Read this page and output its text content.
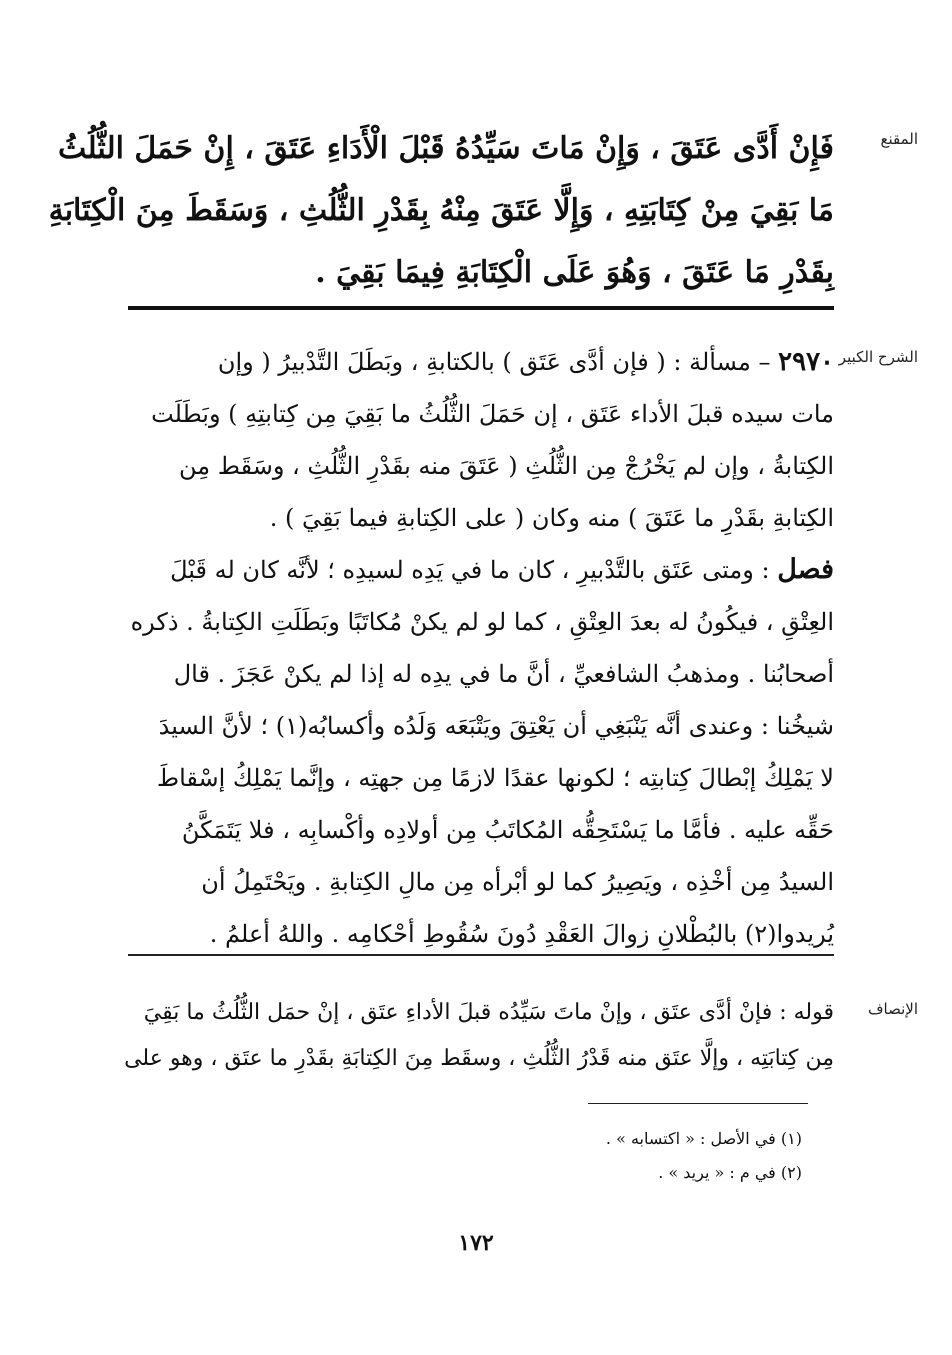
المقنع
فَإِنْ أَدَّى عَتَقَ ، وَإِنْ مَاتَ سَيِّدُهُ قَبْلَ الْأَدَاءِ عَتَقَ ، إِنْ حَمَلَ الثُّلُثُ
مَا بَقِيَ مِنْ كِتَابَتِهِ ، وَإِلَّا عَتَقَ مِنْهُ بِقَدْرِ الثُّلُثِ ، وَسَقَطَ مِنَ الْكِتَابَةِ
بِقَدْرِ مَا عَتَقَ ، وَهُوَ عَلَى الْكِتَابَةِ فِيمَا بَقِيَ .
الشرح الكبير
٢٩٧٠ – مسألة : ( فإن أدَّى عَتَق ) بالكتابةِ ، وبَطَلَ التَّدْبيرُ ( وإن
مات سيده قبلَ الأداء عَتَق ، إن حَمَلَ الثُّلُثُ ما بَقِيَ مِن كِتابتِهِ ) وبَطَلَت
الكِتابةُ ، وإن لم يَخْرُجْ مِن الثُّلُثِ ( عَتَقَ منه بقَدْرِ الثُّلُثِ ، وسَقَط مِن
الكِتابةِ بقَدْرِ ما عَتَقَ ) منه وكان ( على الكِتابةِ فيما بَقِيَ ) .
فصل : ومتى عَتَق بالتَّدْبيرِ ، كان ما في يَدِه لسيدِه ؛ لأنَّه كان له قَبْلَ
العِتْقِ ، فيكُونُ له بعدَ العِتْقِ ، كما لو لم يكنْ مُكاتَبًا وبَطَلَتِ الكِتابةُ . ذكره
أصحابُنا . ومذهبُ الشافعيِّ ، أنَّ ما في يدِه له إذا لم يكنْ عَجَزَ . قال
شيخُنا : وعندى أنَّه يَنْبَغِي أن يَعْتِقَ ويَتْبَعَه وَلَدُه وأكسابُه(١) ؛ لأنَّ السيدَ
لا يَمْلِكُ إبْطالَ كِتابتِه ؛ لكونها عقدًا لازمًا مِن جهتِه ، وإنَّما يَمْلِكُ إسْقاطَ
حَقِّه عليه . فأمَّا ما يَسْتَحِقُّه المُكاتَبُ مِن أولادِه وأكْسابِه ، فلا يَتَمَكَّنُ
السيدُ مِن أخْذِه ، ويَصِيرُ كما لو أبْرأه مِن مالِ الكِتابةِ . ويَحْتَمِلُ أن
يُريدوا(٢) بالبُطْلانِ زوالَ العَقْدِ دُونَ سُقُوطِ أحْكامِه . واللهُ أعلمُ .
الإنصاف
قوله : فإنْ أدَّى عتَق ، وإنْ ماتَ سَيِّدُه قبلَ الأداءِ عتَق ، إنْ حمَل الثُّلُثُ ما بَقِيَ
مِن كِتابَتِه ، وإلَّا عتَق منه قَدْرُ الثُّلُثِ ، وسقَط مِنَ الكِتابَةِ بقَدْرِ ما عتَق ، وهو على
(١) في الأصل : « اكتسابه » .
(٢) في م : « يريد » .
١٧٢
